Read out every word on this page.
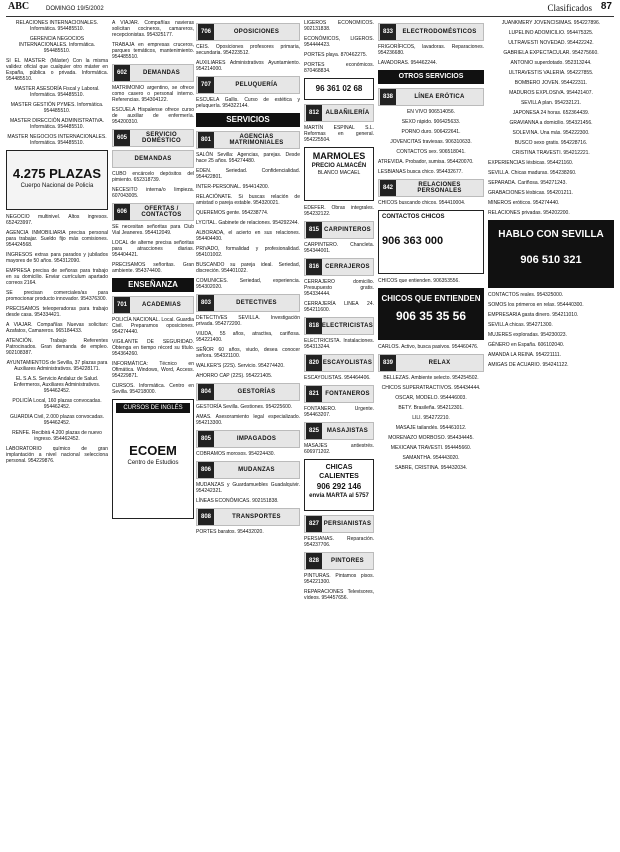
ABC	DOMINGO 19/5/2002	Clasificados 87
RELACIONES INTERNACIONALES. Informática. 954485510.
GERENCIA NEGOCIOS INTERNACIONALES. Informática. 954485510.
SI EL MASTER: (Máster) Con la misma validez oficial que cualquier otro máster en España, pública o privada. Informática. 954485510.
MASTER ASESORÍA Fiscal y Laboral. Informática. 954485510.
MASTER GESTIÓN PYMES. Informática. 954485510.
MASTER DIRECCIÓN ADMINISTRATIVA. Informática. 954485510.
MASTER NEGOCIOS INTERNACIONALES. Informática. 954485510.
4.275 PLAZAS
Cuerpo Nacional de Policía
NEGOCIO multinivel. Altos ingresos. 652423997.
AGENCIA INMOBILIARIA precisa personal para trabajar. Sueldo fijo más comisiones. 954424568.
INGRESOS extras para parados y jubilados mayores de 50 años. 954312090.
EMPRESA precisa de señoras para trabajo en su domicilio. Enviar currículum apartado correos 2164.
SE precisan comerciales/as para promocionar producto innovador. 954376300.
PRECISAMOS teleoperadoras para trabajo desde casa. 954334421.
A VIAJAR. Compañías Nuevas solicitan: Azafatos, Camareros. 965184433.
ATENCIÓN. Trabajo Referentes Patrocinados. Gran demanda de empleo. 902108387.
AYUNTAMIENTOS de Sevilla, 37 plazas para Auxiliares Administrativos. 954228171.
EL S.A.S. Servicio Andaluz de Salud. Enfermeros, Auxiliares Administrativos. 954462452.
POLICÍA Local, 160 plazas convocadas. 954462452.
GUARDIA Civil, 2.000 plazas convocadas. 954462452.
RENFE. Recibirá 4.200 plazas de nuevo ingreso. 954462452.
LABORATORIO químico de gran implantación a nivel nacional selecciona personal. 954229876.
A VIAJAR. Compañías navieras solicitan cocineros, camareros, recepcionistas. 954325177.
TRABAJA en empresas cruceros, parques temáticos, mantenimiento. 954485510.
602	DEMANDAS
MATRIMONIO argentino, se ofrece como casero o personal interno. Referencias. 954304122.
ESCUELA Hispalense ofrece curso de auxiliar de enfermería. 954200310.
605	SERVICIO DOMÉSTICO
DEMANDAS
CUBO encárcelo depósitos del pimiento. 652318739.
NECESITO interna/o limpieza. 607043005.
606	OFERTAS / CONTACTOS
SE necesitan señoritas para Club Vial Jeaneres. 954412049.
LOCAL de alterne precisa señoritas para atracciones diarias. 954404421.
PRECISAMOS señoritas. Gran ambiente. 954374400.
ENSEÑANZA
701	ACADEMIAS
POLICÍA NACIONAL. Local. Guardia Civil. Preparamos oposiciones. 954274440.
VIGILANTE DE SEGURIDAD. Obtenga en tiempo récord su título. 954364260.
INFORMÁTICA: Técnico en Ofimática. Windows, Word, Access. 954229871.
CURSOS. Informática. Centro en Sevilla. 954218000.
CURSOS DE INGLÉS
ECOEM
Centro de Estudios
706	OPOSICIONES
CEIS. Oposiciones profesores primaria, secundaria. 954223512.
AUXILIARES Administrativos Ayuntamiento. 954214000.
707	PELUQUERÍA
ESCUELA Gallis. Curso de estética y peluquería. 954322144.
SERVICIOS
801	AGENCIAS MATRIMONIALES
SALÓN Sevilla: Agencias, parejas. Desde hace 25 años. 954274480.
EDEN. Seriedad. Confidencialidad. 954422801.
INTER-PERSONAL. 954414200.
RELACIÓNATE. Si buscas relación de amistad o pareja estable. 954320021.
QUEREMOS gente. 954238774.
LYCITAL. Gabinete de relaciones. 954292244.
ALBORADA, el acierto en sus relaciones. 954404400.
PRIVADO, formalidad y profesionalidad. 954101002.
BUSCANDO su pareja ideal. Seriedad, discreción. 954401022.
COMUNICES. Seriedad, experiencia. 954302020.
803	DETECTIVES
DETECTIVES SEVILLA. Investigación privada. 954272200.
VIUDA, 55 años, atractiva, cariñosa. 954221400.
SEÑOR 60 años, viudo, desea conocer señora. 954321100.
WALKER'S (22S). Servicio. 954274420.
AHORRO CAP (22S). 954221405.
804	GESTORÍAS
GESTORÍA Sevilla. Gestiones. 954225600.
AMAS. Asesoramiento legal especializado. 954213300.
805	IMPAGADOS
COBRAMOS morosos. 954224430.
806	MUDANZAS
MUDANZAS y Guardamuebles Guadalquivir. 954242321.
LÍNEAS ECONÓMICAS. 902151838.
808	TRANSPORTES
PORTES baratos. 954432020.
LIGEROS ECONÓMICOS. 902131838.
ECONÓMICOS, LIGEROS. 954444423.
PORTES playa. 870462275.
PORTES económicos. 870468834.
96 361 02 68
812	ALBAÑILERÍA
MARTÍN ESPINAL S.L. Reformas en general. 954225504.
MARMOLES
PRECIO ALMACÉN
BLANCO MACAEL
EDEFER. Obras integrales. 954232122.
815 CARPINTEROS
CARPINTERO. Chancleta. 954344001.
816	CERRAJEROS
CERRAJERO domicilio. Presupuesto gratis. 954334444.
CERRAJERÍA LINEA 24. 954211600.
818 ELECTRICISTAS
ELECTRICISTA. Instalaciones. 954313244.
820 ESCAYOLISTAS
ESCAYOLISTAS. 954464406.
821	FONTANEROS
FONTANERO. Urgente. 954463207.
825	MASAJISTAS
MASAJES antiestrés. 606971202.
CHICAS CALIENTES
906 292 146
envía MARTA al 5757
827 PERSIANISTAS
PERSIANAS. Reparación. 954237706.
828	PINTORES
PINTURAS. Pintamos pisos. 954221300.
REPARACIONES Televisores, vídeos. 954457656.
833	ELECTRODOMÉSTICOS
FRIGORÍFICOS, lavadoras. Reparaciones. 954236680.
LAVADORAS. 954462244.
OTROS SERVICIOS
838	LÍNEA ERÓTICA
EN VIVO 906514056.
SEXO rápido. 906425633.
PORNO duro. 906422641.
JOVENCITAS traviesas. 906310633.
CONTACTOS sex. 906518041.
ATREVIDA. Probador, sumisa. 954420070.
LESBIANAS busca chico. 954432677.
842	RELACIONES PERSONALES
CHICOS buscando chicos. 954410004.
CONTACTOS CHICOS
906 363 000
CHICOS que entienden. 906353556.
CHICOS QUE ENTIENDEN
906 35 35 56
CARLOS. Activo, busca pasivos. 954460476.
839	RELAX
BELLEZAS. Ambiente selecto. 954254502.
CHICOS SUPERATRACTIVOS. 954434444.
OSCAR, MODELO. 954446003.
BETY. Brasileña. 954212301.
LILI. 954272210.
MASAJE tailandés. 954461012.
MORENAZO MORBOSO. 954434445.
MEXICANA TRAVESTI. 954445660.
SAMANTHA. 954443020.
SABRE, CRISTINA. 954432034.
JUANKMERY JOVENCISIMAS. 954227896.
LUPELINO ADOMICILIO. 954475325.
ULTRAVESTI NOVEDAD. 954422242.
GABRIELA EXPECTACULAR. 954275660.
ANTONIO superdotado. 952313244.
ULTRAVESTIS VALERIA. 954227855.
BOMBERO JOVEN. 954422311.
MADUROS EXPLOSIVA. 954421407.
SEVILLA plan. 954232121.
JAPONESA 24 horas. 652364439.
GRAVIANNA a domicilio. 954321456.
SOLEVINA. Una más. 954222300.
BUSCO sexo gratis. 954228716.
CRISTINA TRAVESTI. 954212221.
EXPERIENCIAS lésbicas. 954421160.
SEVILLA. Chicas maduras. 954238260.
SEPARADA. Cariñosa. 954271243.
GRABACIONES lésbicas. 954201211.
MINEROS eróticos. 954274440.
RELACIONES privadas. 954202200.
HABLO CON SEVILLA
906 510 321
CONTACTOS reales. 954325000.
SOMOS los primeros en relax. 954440300.
EMPRESARIA gasta dinero. 954211010.
SEVILLA chicas. 954271300.
MUJERES exploradas. 954230023.
GÉNERO en España. 606102040.
AMANDA LA REINA. 954221111.
AMIGAS DE ACUARIO. 954241122.
